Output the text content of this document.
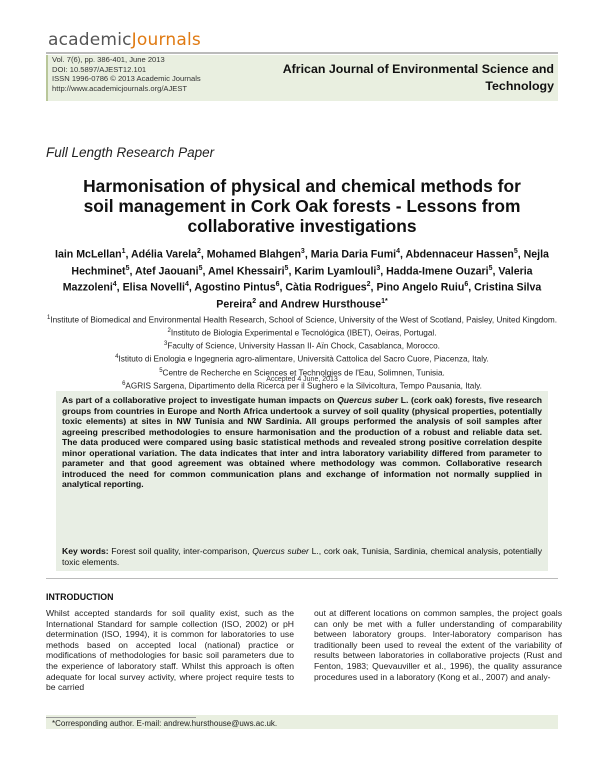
academicJournals
Vol. 7(6), pp. 386-401, June 2013
DOI: 10.5897/AJEST12.101
ISSN 1996-0786 © 2013 Academic Journals
http://www.academicjournals.org/AJEST
African Journal of Environmental Science and
Technology
Full Length Research Paper
Harmonisation of physical and chemical methods for
soil management in Cork Oak forests - Lessons from
collaborative investigations
Iain McLellan$^1$, Adélia Varela$^2$, Mohamed Blahgen$^3$, Maria Daria Fumi$^4$, Abdennaceur Hassen$^5$, Nejla Hechminet$^5$, Atef Jaouani$^5$, Amel Khessairi$^5$, Karim Lyamlouli$^3$, Hadda-Imene Ouzari$^5$, Valeria Mazzoleni$^4$, Elisa Novelli$^4$, Agostino Pintus$^6$, Càtia Rodrigues$^2$, Pino Angelo Ruiu$^6$, Cristina Silva Pereira$^2$ and Andrew Hursthouse$^{1*}$
$^1$Institute of Biomedical and Environmental Health Research, School of Science, University of the West of Scotland, Paisley, United Kingdom.
$^2$Instituto de Biologia Experimental e Tecnológica (IBET), Oeiras, Portugal.
$^3$Faculty of Science, University Hassan II- Aïn Chock, Casablanca, Morocco.
$^4$Istituto di Enologia e Ingegneria agro-alimentare, Università Cattolica del Sacro Cuore, Piacenza, Italy.
$^5$Centre de Recherche en Sciences et Technolgies de l'Eau, Solimnen, Tunisia.
$^6$AGRIS Sargena, Dipartimento della Ricerca per il Sughero e la Silvicoltura, Tempo Pausania, Italy.
Accepted 4 June, 2013
As part of a collaborative project to investigate human impacts on Quercus suber L. (cork oak) forests, five research groups from countries in Europe and North Africa undertook a survey of soil quality (physical properties, potentially toxic elements) at sites in NW Tunisia and NW Sardinia. All groups performed the analysis of soil samples after agreeing prescribed methodologies to ensure harmonisation and the production of a robust and reliable data set. The data produced were compared using basic statistical methods and revealed strong positive correlation despite minor operational variation. The data indicates that inter and intra laboratory variability differed from parameter to parameter and that good agreement was obtained where methodology was common. Collaborative research introduced the need for common communication plans and exchange of information not normally supplied in analytical reporting.
Key words: Forest soil quality, inter-comparison, Quercus suber L., cork oak, Tunisia, Sardinia, chemical analysis, potentially toxic elements.
INTRODUCTION
Whilst accepted standards for soil quality exist, such as the International Standard for sample collection (ISO, 2002) or pH determination (ISO, 1994), it is common for laboratories to use methods based on accepted local (national) practice or modifications of methodologies for basic soil parameters due to the experience of laboratory staff. Whilst this approach is often adequate for local survey activity, where project require tests to be carried
out at different locations on common samples, the project goals can only be met with a fuller understanding of comparability between laboratory groups. Inter-laboratory comparison has traditionally been used to reveal the extent of the variability of results between laboratories in collaborative projects (Rust and Fenton, 1983; Quevauviller et al., 1996), the quality assurance procedures used in a laboratory (Kong et al., 2007) and analy-
*Corresponding author. E-mail: andrew.hursthouse@uws.ac.uk.
